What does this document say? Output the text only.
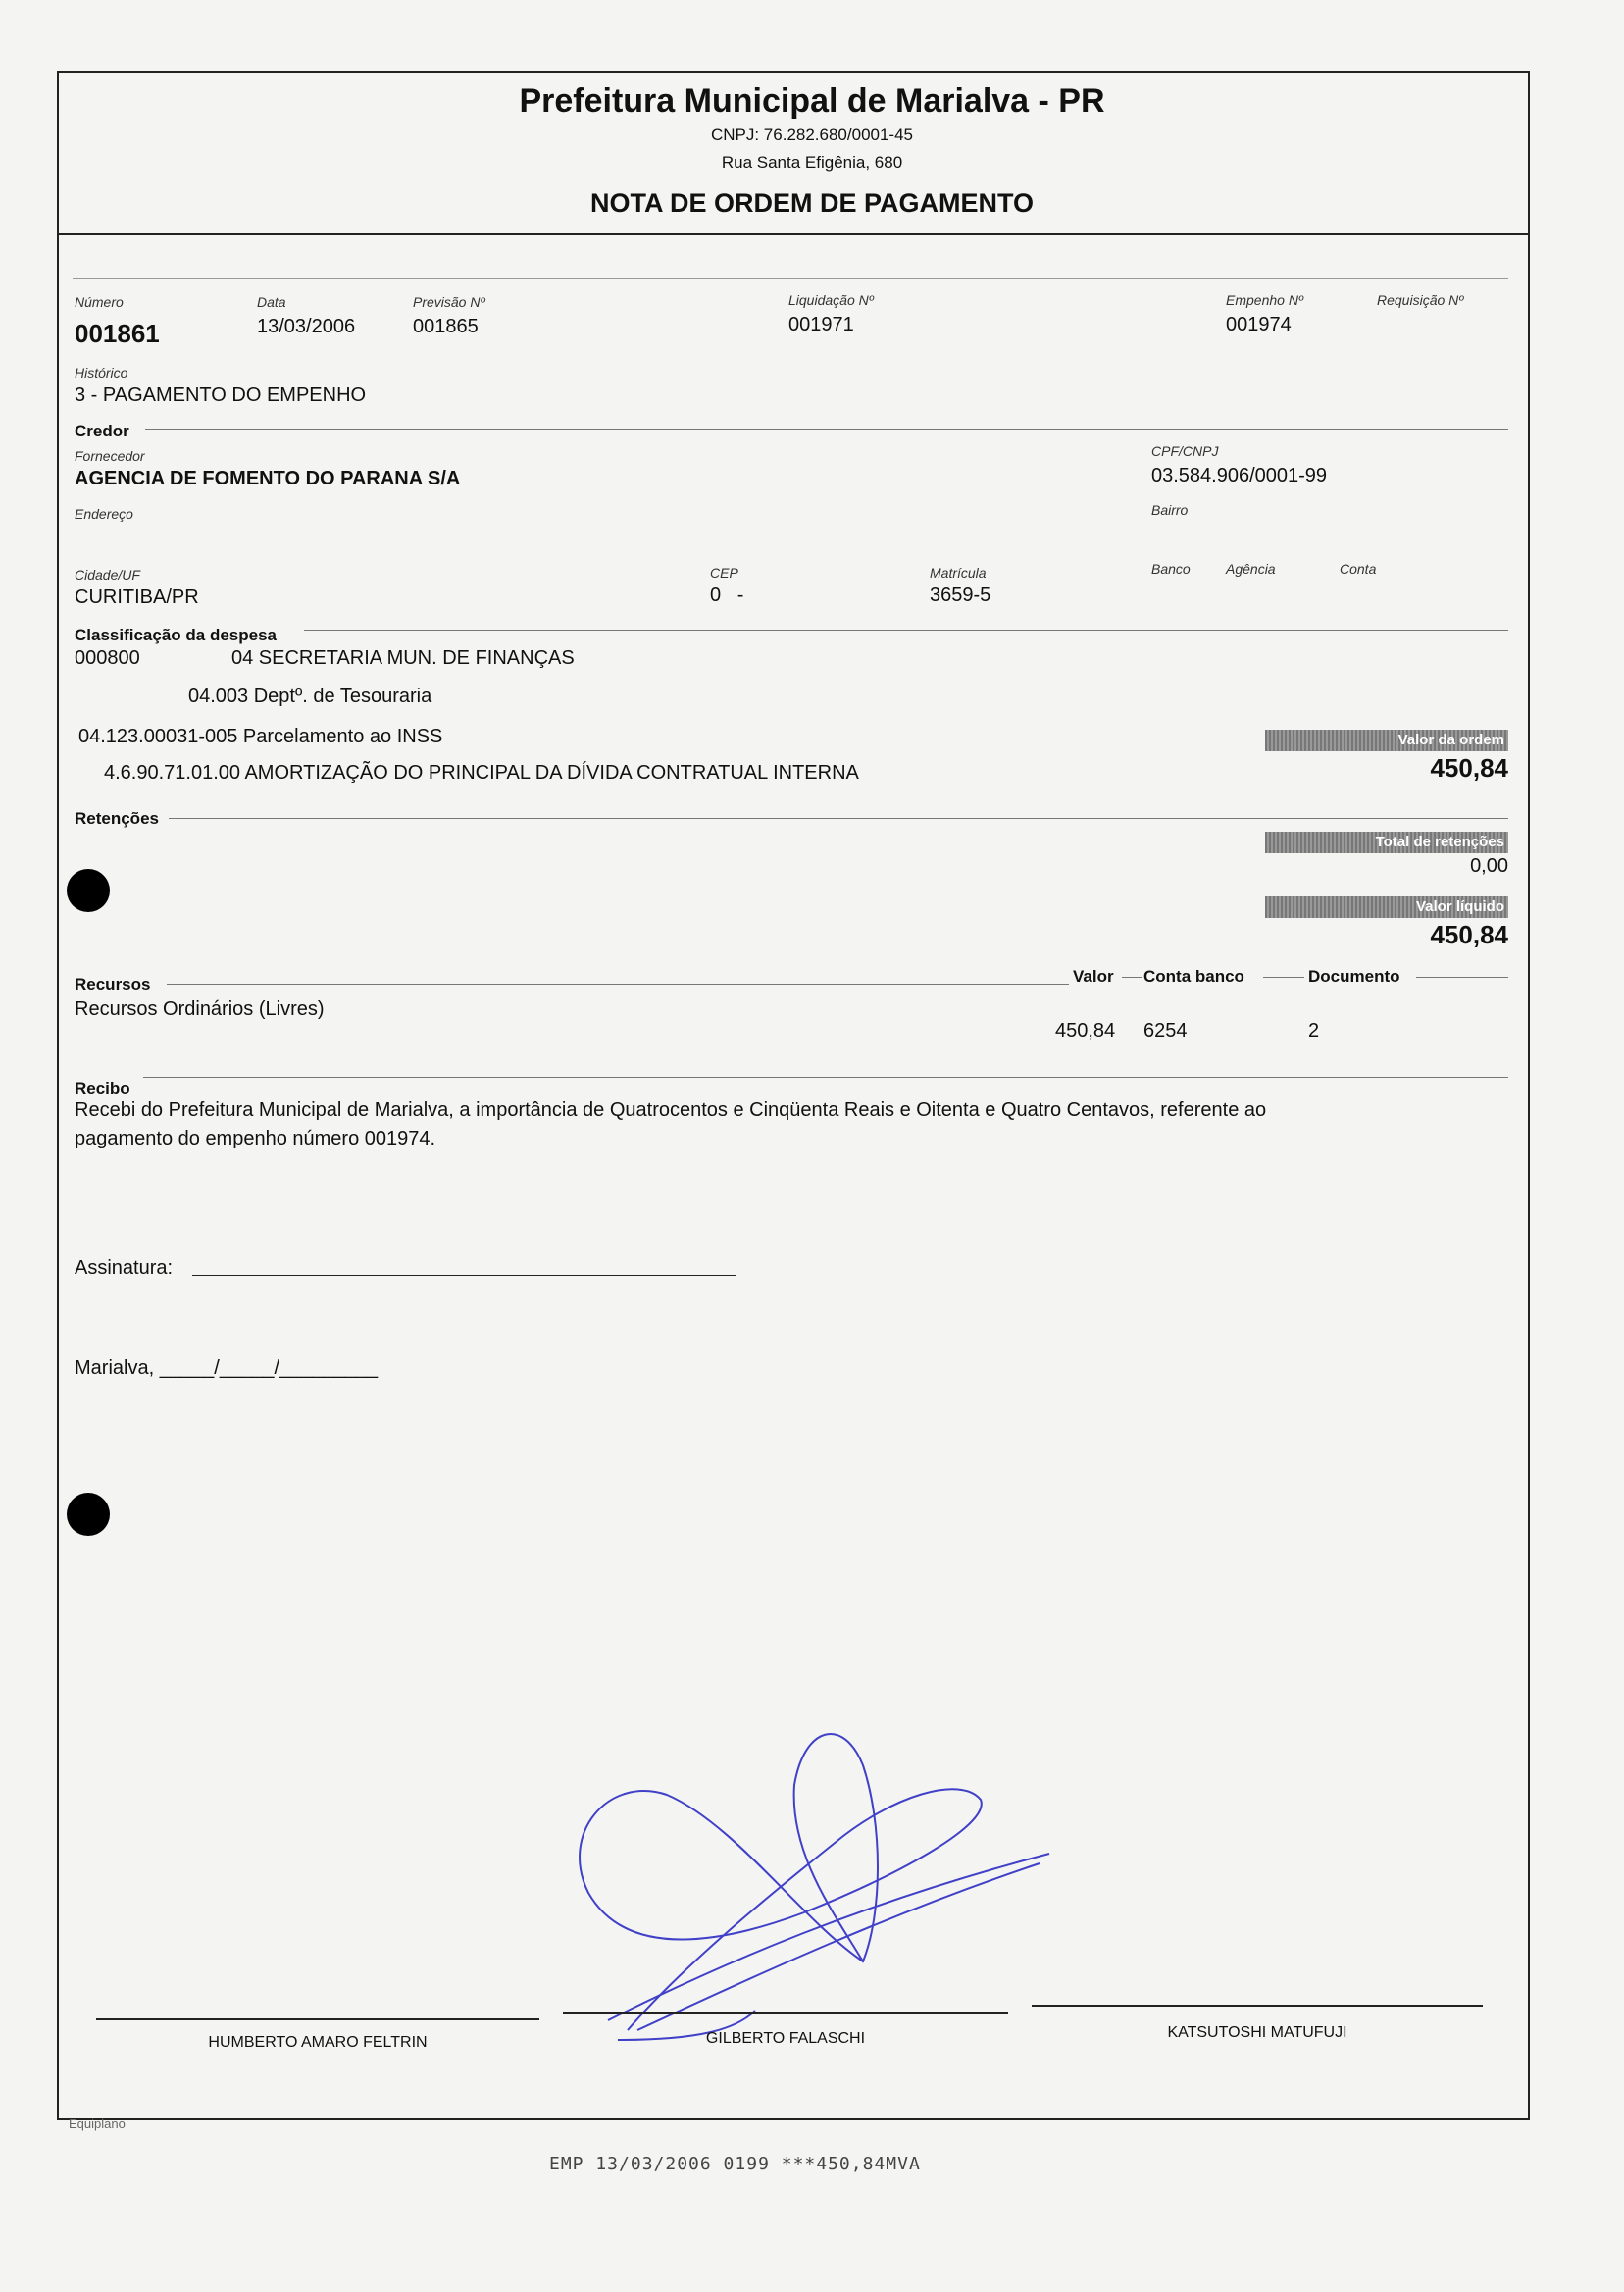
Prefeitura Municipal de Marialva - PR
CNPJ: 76.282.680/0001-45
Rua Santa Efigênia, 680
NOTA DE ORDEM DE PAGAMENTO
Número
001861
Data
13/03/2006
Previsão Nº
001865
Liquidação Nº
001971
Empenho Nº
001974
Requisição Nº
Histórico
3 - PAGAMENTO DO EMPENHO
Credor
Fornecedor
AGENCIA DE FOMENTO DO PARANA S/A
CPF/CNPJ
03.584.906/0001-99
Endereço	Bairro
Cidade/UF
CURITIBA/PR
CEP
0   -
Matrícula
3659-5
Banco	Agência	Conta
Classificação da despesa
000800	04 SECRETARIA MUN. DE FINANÇAS
04.003 Deptº. de Tesouraria
04.123.00031-005 Parcelamento ao INSS
4.6.90.71.01.00 AMORTIZAÇÃO DO PRINCIPAL DA DÍVIDA CONTRATUAL INTERNA
Valor da ordem
450,84
Retenções
Total de retenções
0,00
Valor líquido
450,84
Recursos	Valor Conta banco	Documento
Recursos Ordinários (Livres)
450,84 6254	2
Recibo
Recebi do Prefeitura Municipal de Marialva, a importância de Quatrocentos e Cinqüenta Reais e Oitenta e Quatro Centavos, referente ao
pagamento do empenho número 001974.
Assinatura:
Marialva, _____/_____/_________
HUMBERTO AMARO FELTRIN	GILBERTO FALASCHI	KATSUTOSHI MATUFUJI
Equiplano
EMP 13/03/2006 0199 ***450,84MVA
